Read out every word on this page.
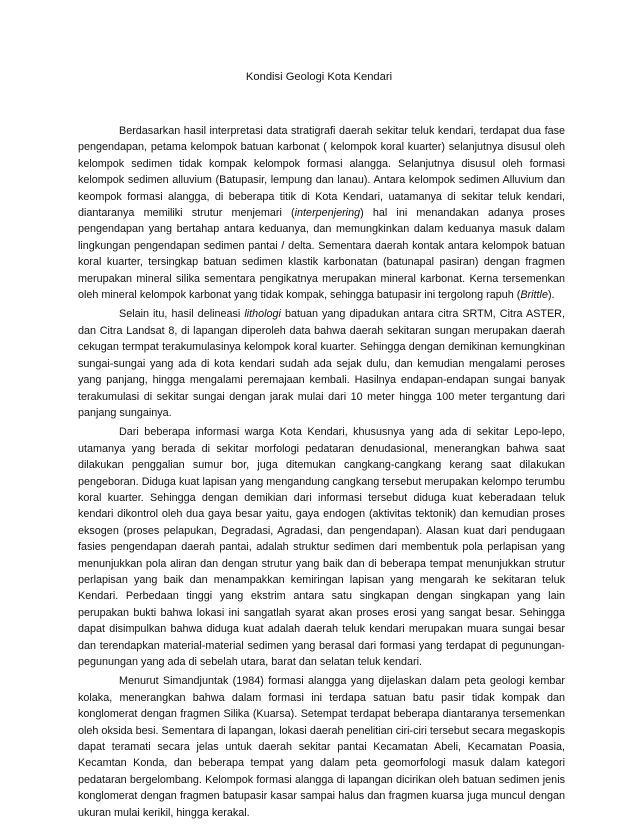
Kondisi Geologi Kota Kendari

Berdasarkan hasil interpretasi data stratigrafi daerah sekitar teluk kendari, terdapat dua fase pengendapan, petama kelompok batuan karbonat ( kelompok koral kuarter) selanjutnya disusul oleh kelompok sedimen tidak kompak kelompok formasi alangga. Selanjutnya disusul oleh formasi kelompok sedimen alluvium (Batupasir, lempung dan lanau). Antara kelompok sedimen Alluvium dan keompok formasi alangga, di beberapa titik di Kota Kendari, uatamanya di sekitar teluk kendari, diantaranya memiliki strutur menjemari (interpenjering) hal ini menandakan adanya proses pengendapan yang bertahap antara keduanya, dan memungkinkan dalam keduanya masuk dalam lingkungan pengendapan sedimen pantai / delta. Sementara daerah kontak antara kelompok batuan koral kuarter, tersingkap batuan sedimen klastik karbonatan (batunapal pasiran) dengan fragmen merupakan mineral silika sementara pengikatnya merupakan mineral karbonat. Kerna tersemenkan oleh mineral kelompok karbonat yang tidak kompak, sehingga batupasir ini tergolong rapuh (Brittle).

Selain itu, hasil delineasi lithologi batuan yang dipadukan antara citra SRTM, Citra ASTER, dan Citra Landsat 8, di lapangan diperoleh data bahwa daerah sekitaran sungan merupakan daerah cekugan termpat terakumulasinya kelompok koral kuarter. Sehingga dengan demikinan kemungkinan sungai-sungai yang ada di kota kendari sudah ada sejak dulu, dan kemudian mengalami peroses yang panjang, hingga mengalami peremajaan kembali. Hasilnya endapan-endapan sungai banyak terakumulasi di sekitar sungai dengan jarak mulai dari 10 meter hingga 100 meter tergantung dari panjang sungainya.

Dari beberapa informasi warga Kota Kendari, khususnya yang ada di sekitar Lepo-lepo, utamanya yang berada di sekitar morfologi pedataran denudasional, menerangkan bahwa saat dilakukan penggalian sumur bor, juga ditemukan cangkang-cangkang kerang saat dilakukan pengeboran. Diduga kuat lapisan yang mengandung cangkang tersebut merupakan kelompo terumbu koral kuarter. Sehingga dengan demikian dari informasi tersebut diduga kuat keberadaan teluk kendari dikontrol oleh dua gaya besar yaitu, gaya endogen (aktivitas tektonik) dan kemudian proses eksogen (proses pelapukan, Degradasi, Agradasi, dan pengendapan). Alasan kuat dari pendugaan fasies pengendapan daerah pantai, adalah struktur sedimen dari membentuk pola perlapisan yang menunjukkan pola aliran dan dengan strutur yang baik dan di beberapa tempat menunjukkan strutur perlapisan yang baik dan menampakkan kemiringan lapisan yang mengarah ke sekitaran teluk Kendari. Perbedaan tinggi yang ekstrim antara satu singkapan dengan singkapan yang lain perupakan bukti bahwa lokasi ini sangatlah syarat akan proses erosi yang sangat besar. Sehingga dapat disimpulkan bahwa diduga kuat adalah daerah teluk kendari merupakan muara sungai besar dan terendapkan material-material sedimen yang berasal dari formasi yang terdapat di pegunungan-pegunungan yang ada di sebelah utara, barat dan selatan teluk kendari.

Menurut Simandjuntak (1984) formasi alangga yang dijelaskan dalam peta geologi kembar kolaka, menerangkan bahwa dalam formasi ini terdapa satuan batu pasir tidak kompak dan konglomerat dengan fragmen Silika (Kuarsa). Setempat terdapat beberapa diantaranya tersemenkan oleh oksida besi. Sementara di lapangan, lokasi daerah penelitian ciri-ciri tersebut secara megaskopis dapat teramati secara jelas untuk daerah sekitar pantai Kecamatan Abeli, Kecamatan Poasia, Kecamtan Konda, dan beberapa tempat yang dalam peta geomorfologi masuk dalam kategori pedataran bergelombang. Kelompok formasi alangga di lapangan dicirikan oleh batuan sedimen jenis konglomerat dengan fragmen batupasir kasar sampai halus dan fragmen kuarsa juga muncul dengan ukuran mulai kerikil, hingga kerakal.
